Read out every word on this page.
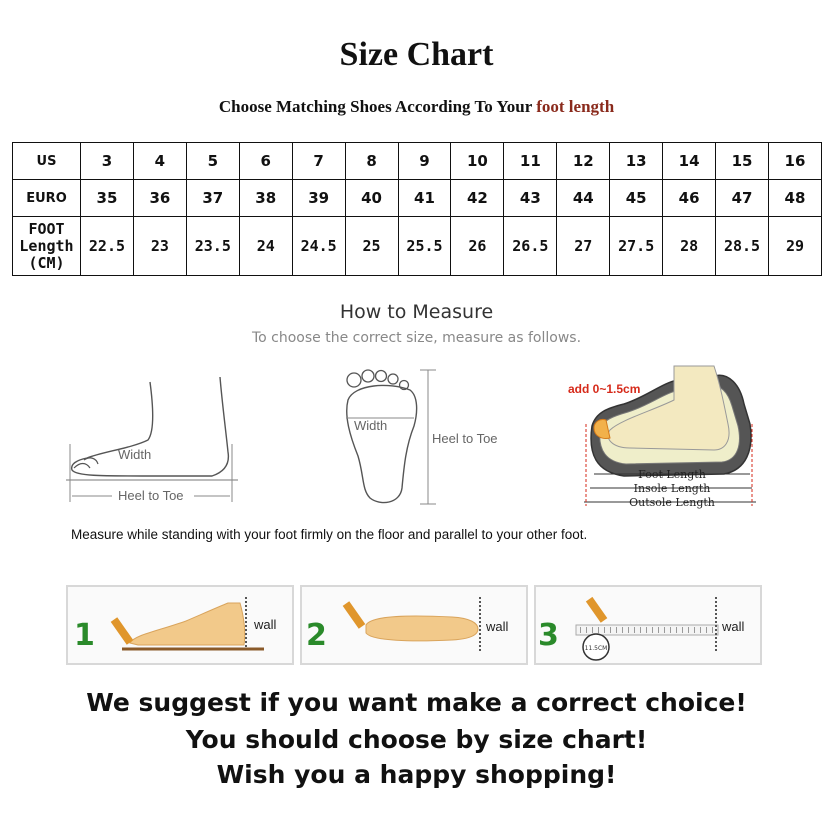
Size Chart
Choose Matching Shoes According To Your foot length
US	3	4	5	6	7	8	9	10	11	12	13	14	15	16
EURO	35	36	37	38	39	40	41	42	43	44	45	46	47	48

FOOT
Length
(CM)	22.5	23	23.5	24	24.5	25	25.5	26	26.5	27	27.5	28	28.5	29
How to Measure
To choose the correct size, measure as follows.
Width
Heel to Toe
Width
Heel to Toe
add 0~1.5cm
Foot Length
Insole Length
Outsole Length
Measure while standing with your foot firmly on the floor and parallel to your other foot.
1	wall 2	wall 3	11.5CM
wall
We suggest if you want make a correct choice!
You should choose by size chart!
Wish you a happy shopping!
